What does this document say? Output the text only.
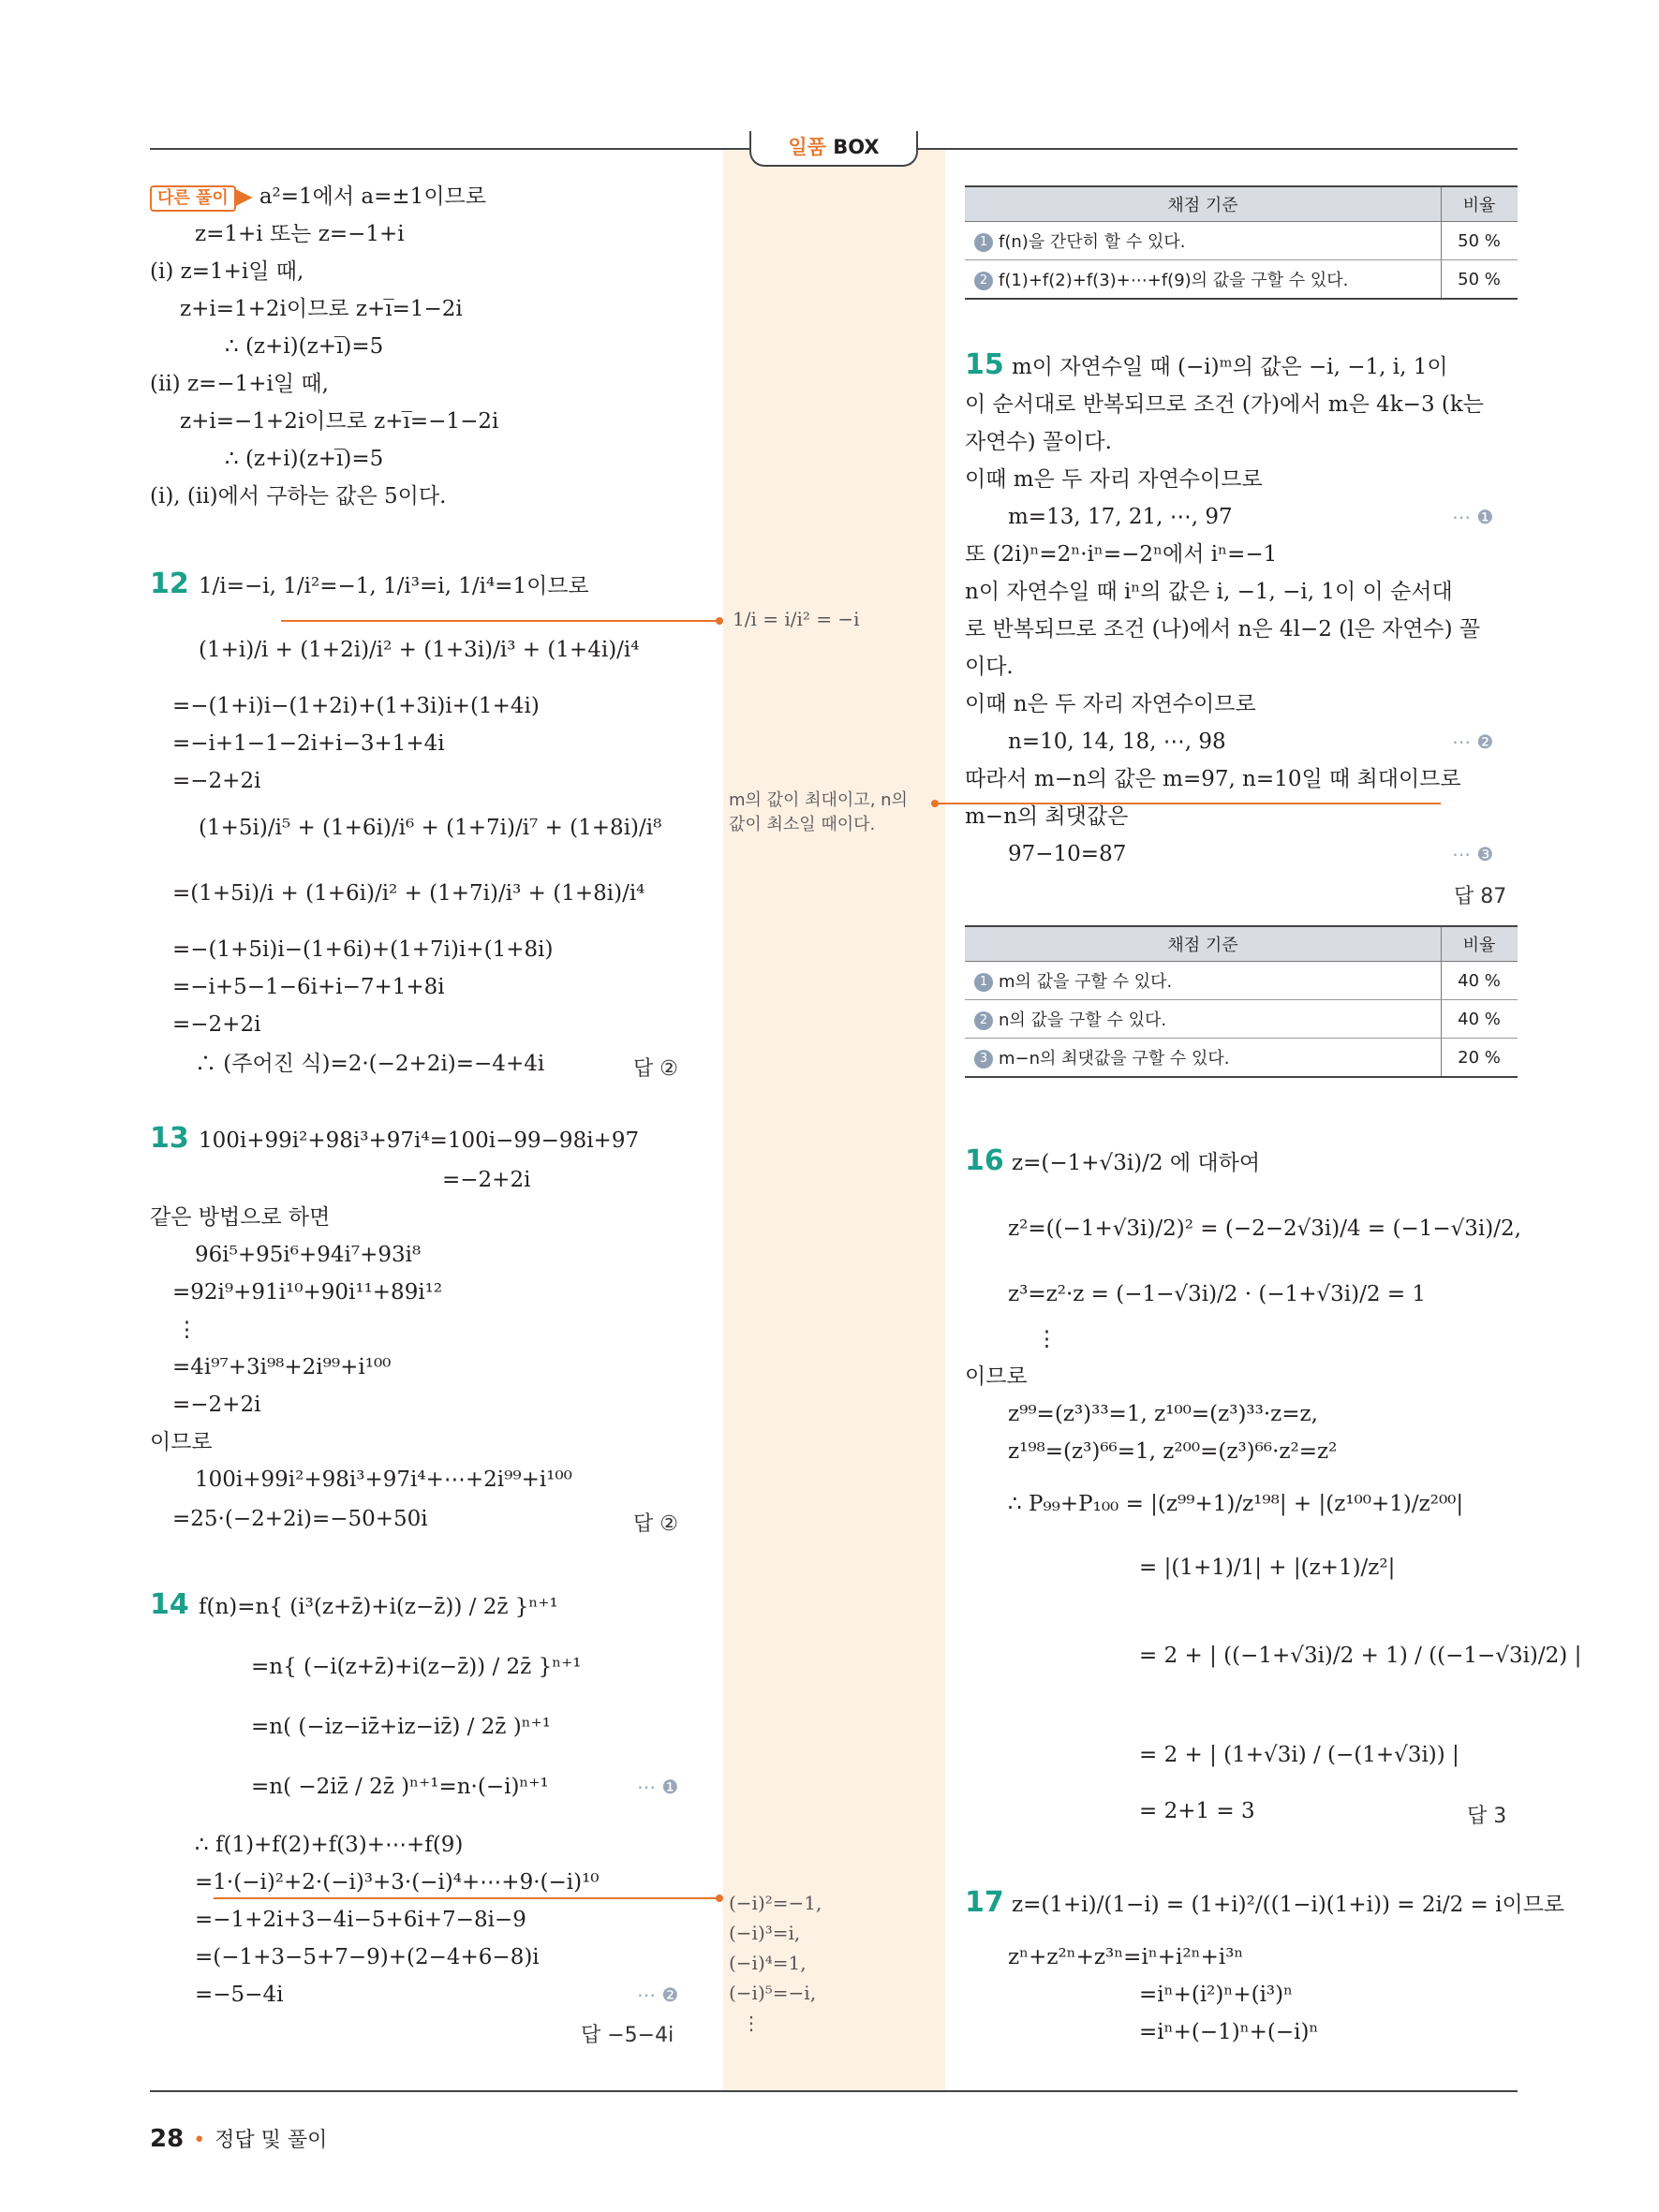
일품 BOX
다른 풀이 ▶ a²=1에서 a=±1이므로
z=1+i 또는 z=−1+i
(i) z=1+i일 때,
z+i=1+2i이므로 z+i̅=1−2i
∴ (z+i)(z+i̅)=5
(ii) z=−1+i일 때,
z+i=−1+2i이므로 z+i̅=−1−2i
∴ (z+i)(z+i̅)=5
(i), (ii)에서 구하는 값은 5이다.
12 1/i=−i, 1/i²=−1, 1/i³=i, 1/i⁴=1이므로
(1+i)/i + (1+2i)/i² + (1+3i)/i³ + (1+4i)/i⁴
=−(1+i)i−(1+2i)+(1+3i)i+(1+4i)
=−i+1−1−2i+i−3+1+4i
=−2+2i
(1+5i)/i⁵ + (1+6i)/i⁶ + (1+7i)/i⁷ + (1+8i)/i⁸
=(1+5i)/i + (1+6i)/i² + (1+7i)/i³ + (1+8i)/i⁴
=−(1+5i)i−(1+6i)+(1+7i)i+(1+8i)
=−i+5−1−6i+i−7+1+8i
=−2+2i
∴ (주어진 식)=2·(−2+2i)=−4+4i	답 ②
13 100i+99i²+98i³+97i⁴=100i−99−98i+97
=−2+2i
같은 방법으로 하면
96i⁵+95i⁶+94i⁷+93i⁸
=92i⁹+91i¹⁰+90i¹¹+89i¹²
⋮
=4i⁹⁷+3i⁹⁸+2i⁹⁹+i¹⁰⁰
=−2+2i
이므로
100i+99i²+98i³+97i⁴+⋯+2i⁹⁹+i¹⁰⁰
=25·(−2+2i)=−50+50i	답 ②
14 f(n)=n{ (i³(z+z̄)+i(z−z̄)) / 2z̄ }ⁿ⁺¹
=n{ (−i(z+z̄)+i(z−z̄)) / 2z̄ }ⁿ⁺¹
=n( (−iz−iz̄+iz−iz̄) / 2z̄ )ⁿ⁺¹
=n( −2iz̄ / 2z̄ )ⁿ⁺¹=n·(−i)ⁿ⁺¹	⋯ ❶
∴ f(1)+f(2)+f(3)+⋯+f(9)
=1·(−i)²+2·(−i)³+3·(−i)⁴+⋯+9·(−i)¹⁰
=−1+2i+3−4i−5+6i+7−8i−9
=(−1+3−5+7−9)+(2−4+6−8)i
=−5−4i	⋯ ❷
답 −5−4i
1/i = i/i² = −i
m의 값이 최대이고, n의
값이 최소일 때이다.
(−i)²=−1,
(−i)³=i,
(−i)⁴=1,
(−i)⁵=−i,
⋮
채점 기준	비율
1 f(n)을 간단히 할 수 있다.	50 %
2 f(1)+f(2)+f(3)+⋯+f(9)의 값을 구할 수 있다.	50 %
15 m이 자연수일 때 (−i)ᵐ의 값은 −i, −1, i, 1이
이 순서대로 반복되므로 조건 (가)에서 m은 4k−3 (k는
자연수) 꼴이다.
이때 m은 두 자리 자연수이므로
m=13, 17, 21, ⋯, 97	⋯ ❶
또 (2i)ⁿ=2ⁿ·iⁿ=−2ⁿ에서 iⁿ=−1
n이 자연수일 때 iⁿ의 값은 i, −1, −i, 1이 이 순서대
로 반복되므로 조건 (나)에서 n은 4l−2 (l은 자연수) 꼴
이다.
이때 n은 두 자리 자연수이므로
n=10, 14, 18, ⋯, 98	⋯ ❷
따라서 m−n의 값은 m=97, n=10일 때 최대이므로
m−n의 최댓값은
97−10=87	⋯ ❸
답 87
채점 기준	비율
1 m의 값을 구할 수 있다.	40 %
2 n의 값을 구할 수 있다.	40 %
3 m−n의 최댓값을 구할 수 있다.	20 %
16 z=(−1+√3i)/2 에 대하여
z²=((−1+√3i)/2)² = (−2−2√3i)/4 = (−1−√3i)/2,
z³=z²·z = (−1−√3i)/2 · (−1+√3i)/2 = 1
⋮
이므로
z⁹⁹=(z³)³³=1, z¹⁰⁰=(z³)³³·z=z,
z¹⁹⁸=(z³)⁶⁶=1, z²⁰⁰=(z³)⁶⁶·z²=z²
∴ P₉₉+P₁₀₀ = |(z⁹⁹+1)/z¹⁹⁸| + |(z¹⁰⁰+1)/z²⁰⁰|
= |(1+1)/1| + |(z+1)/z²|
= 2 + | ((−1+√3i)/2 + 1) / ((−1−√3i)/2) |
= 2 + | (1+√3i) / (−(1+√3i)) |
= 2+1 = 3	답 3
17 z=(1+i)/(1−i) = (1+i)²/((1−i)(1+i)) = 2i/2 = i이므로
zⁿ+z²ⁿ+z³ⁿ=iⁿ+i²ⁿ+i³ⁿ
=iⁿ+(i²)ⁿ+(i³)ⁿ
=iⁿ+(−1)ⁿ+(−i)ⁿ
28 • 정답 및 풀이
